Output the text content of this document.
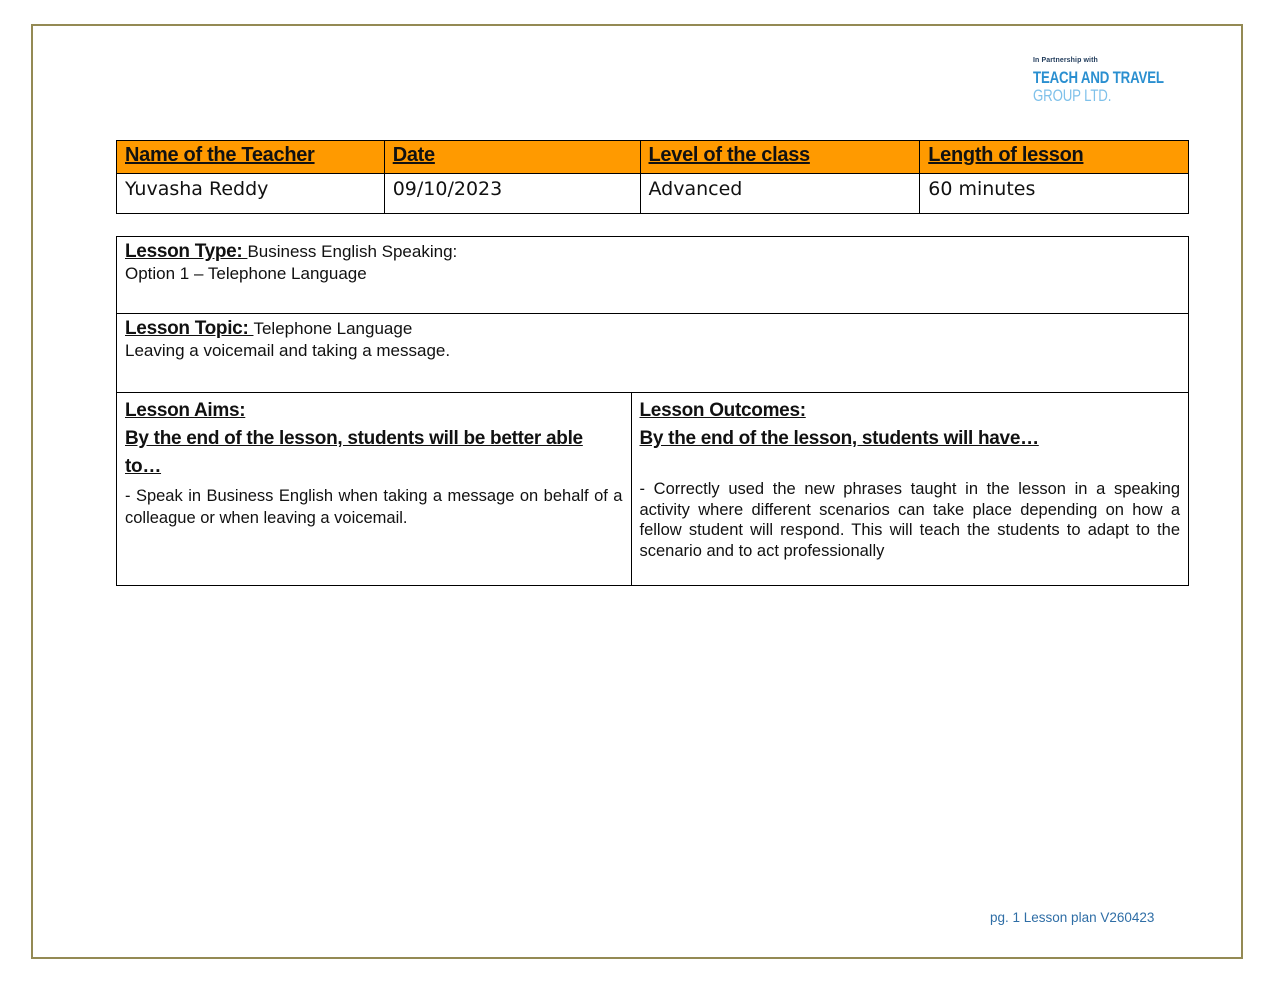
In Partnership with
TEACH AND TRAVEL
GROUP LTD.
Name of the Teacher	Date	Level of the class	Length of lesson
Yuvasha Reddy	09/10/2023	Advanced	60 minutes
Lesson Type: Business English Speaking:
Option 1 – Telephone Language

Lesson Topic: Telephone Language
Leaving a voicemail and taking a message.

Lesson Aims:
By the end of the lesson, students will be better able to…
- Speak in Business English when taking a message on behalf of a colleague or when leaving a voicemail.

Lesson Outcomes:
By the end of the lesson, students will have…
- Correctly used the new phrases taught in the lesson in a speaking activity where different scenarios can take place depending on how a fellow student will respond. This will teach the students to adapt to the scenario and to act professionally
pg. 1 Lesson plan V260423
